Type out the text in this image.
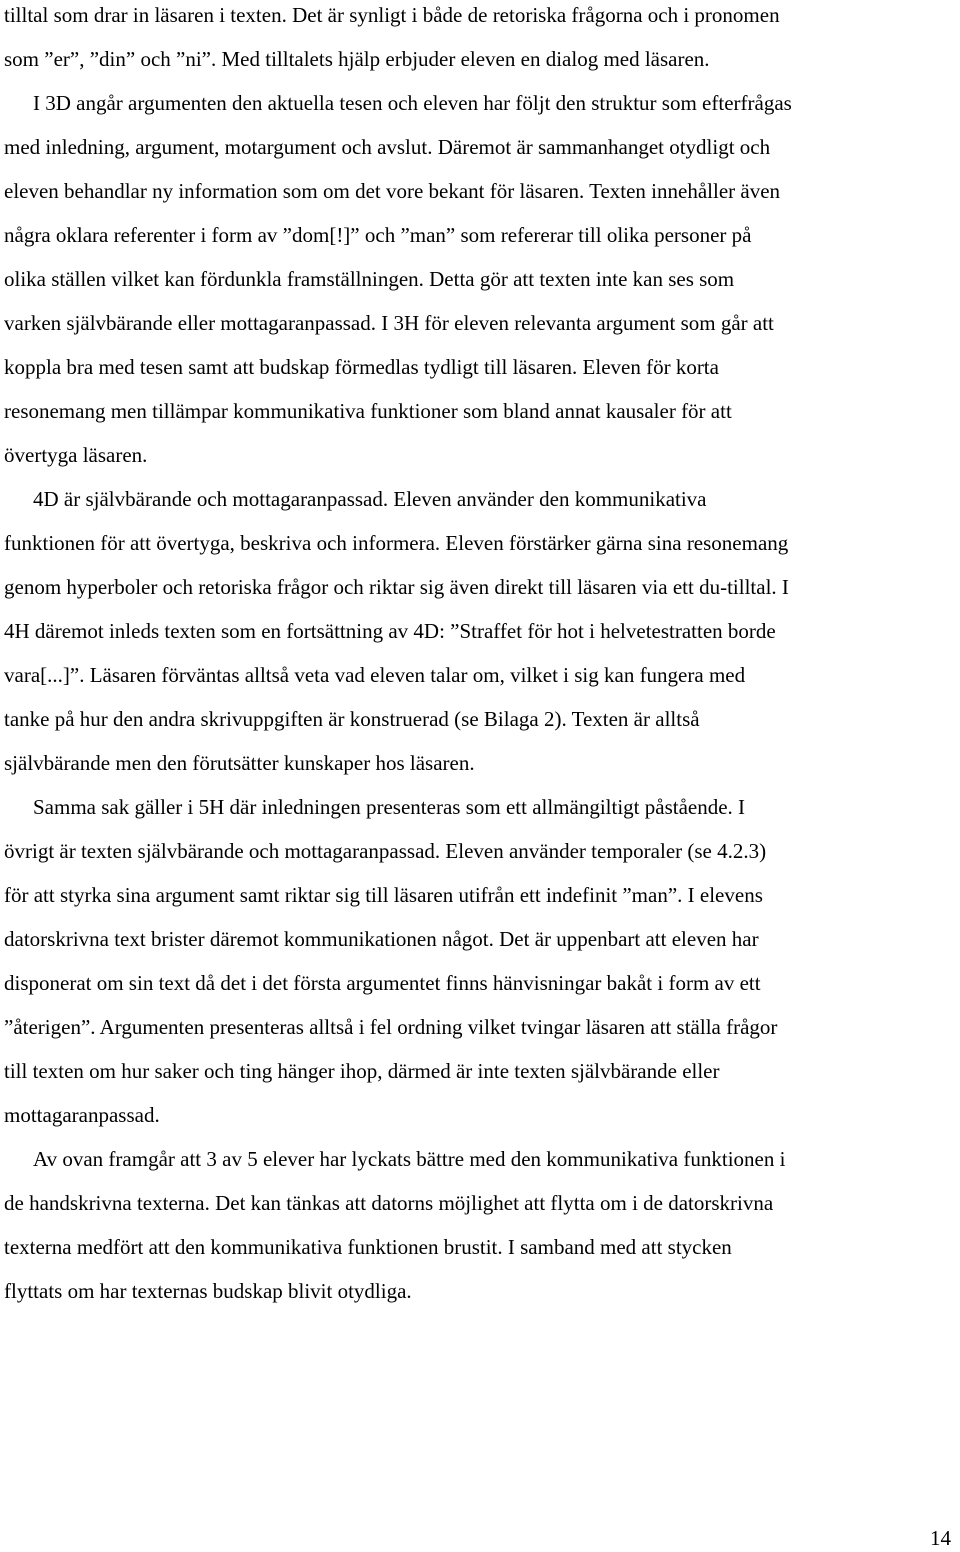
tilltal som drar in läsaren i texten. Det är synligt i både de retoriska frågorna och i pronomen
som ”er”, ”din” och ”ni”. Med tilltalets hjälp erbjuder eleven en dialog med läsaren.
I 3D angår argumenten den aktuella tesen och eleven har följt den struktur som efterfrågas
med inledning, argument, motargument och avslut. Däremot är sammanhanget otydligt och
eleven behandlar ny information som om det vore bekant för läsaren. Texten innehåller även
några oklara referenter i form av ”dom[!]” och ”man” som refererar till olika personer på
olika ställen vilket kan fördunkla framställningen. Detta gör att texten inte kan ses som
varken självbärande eller mottagaranpassad. I 3H för eleven relevanta argument som går att
koppla bra med tesen samt att budskap förmedlas tydligt till läsaren. Eleven för korta
resonemang men tillämpar kommunikativa funktioner som bland annat kausaler för att
övertyga läsaren.
4D är självbärande och mottagaranpassad. Eleven använder den kommunikativa
funktionen för att övertyga, beskriva och informera. Eleven förstärker gärna sina resonemang
genom hyperboler och retoriska frågor och riktar sig även direkt till läsaren via ett du-tilltal. I
4H däremot inleds texten som en fortsättning av 4D: ”Straffet för hot i helvetestratten borde
vara[...]”. Läsaren förväntas alltså veta vad eleven talar om, vilket i sig kan fungera med
tanke på hur den andra skrivuppgiften är konstruerad (se Bilaga 2). Texten är alltså
självbärande men den förutsätter kunskaper hos läsaren.
Samma sak gäller i 5H där inledningen presenteras som ett allmängiltigt påstående. I
övrigt är texten självbärande och mottagaranpassad. Eleven använder temporaler (se 4.2.3)
för att styrka sina argument samt riktar sig till läsaren utifrån ett indefinit ”man”. I elevens
datorskrivna text brister däremot kommunikationen något. Det är uppenbart att eleven har
disponerat om sin text då det i det första argumentet finns hänvisningar bakåt i form av ett
”återigen”. Argumenten presenteras alltså i fel ordning vilket tvingar läsaren att ställa frågor
till texten om hur saker och ting hänger ihop, därmed är inte texten självbärande eller
mottagaranpassad.
Av ovan framgår att 3 av 5 elever har lyckats bättre med den kommunikativa funktionen i
de handskrivna texterna. Det kan tänkas att datorns möjlighet att flytta om i de datorskrivna
texterna medfört att den kommunikativa funktionen brustit. I samband med att stycken
flyttats om har texternas budskap blivit otydliga.
14
